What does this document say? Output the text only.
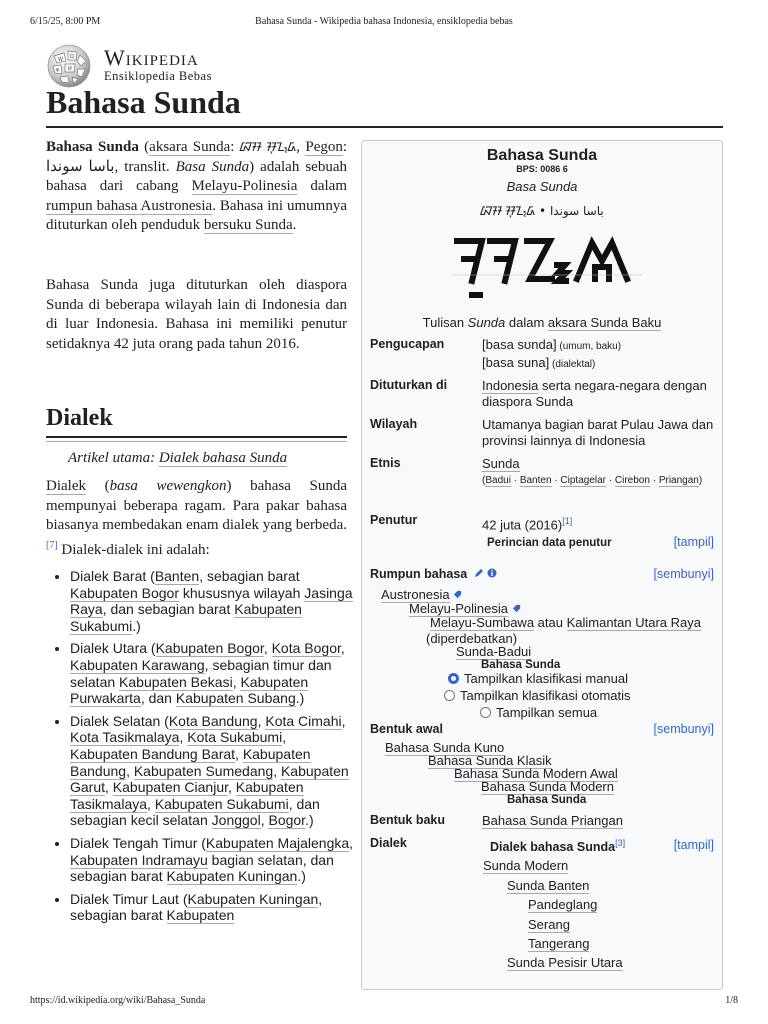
6/15/25, 8:00 PM	Bahasa Sunda - Wikipedia bahasa Indonesia, ensiklopedia bebas
W Ω
И
ψ Wikipedia
Ensiklopedia Bebas
Bahasa Sunda

Bahasa Sunda (aksara Sunda: ᮘᮞ ᮞᮥᮔ᮪ᮓ, Pegon: باسا سوندا, translit. Basa Sunda) adalah sebuah bahasa dari cabang Melayu-Polinesia dalam rumpun bahasa Austronesia. Bahasa ini umumnya dituturkan oleh penduduk bersuku Sunda.

Bahasa Sunda juga dituturkan oleh diaspora Sunda di beberapa wilayah lain di Indonesia dan di luar Indonesia. Bahasa ini memiliki penutur setidaknya 42 juta orang pada tahun 2016.

Dialek
Artikel utama: Dialek bahasa Sunda

Dialek (basa wewengkon) bahasa Sunda mempunyai beberapa ragam. Para pakar bahasa biasanya membedakan enam dialek yang berbeda.[7] Dialek-dialek ini adalah:

• Dialek Barat (Banten, sebagian barat Kabupaten Bogor khususnya wilayah Jasinga Raya, dan sebagian barat Kabupaten Sukabumi.)
• Dialek Utara (Kabupaten Bogor, Kota Bogor, Kabupaten Karawang, sebagian timur dan selatan Kabupaten Bekasi, Kabupaten Purwakarta, dan Kabupaten Subang.)
• Dialek Selatan (Kota Bandung, Kota Cimahi, Kota Tasikmalaya, Kota Sukabumi, Kabupaten Bandung Barat, Kabupaten Bandung, Kabupaten Sumedang, Kabupaten Garut, Kabupaten Cianjur, Kabupaten Tasikmalaya, Kabupaten Sukabumi, dan sebagian kecil selatan Jonggol, Bogor.)
• Dialek Tengah Timur (Kabupaten Majalengka, Kabupaten Indramayu bagian selatan, dan sebagian barat Kabupaten Kuningan.)
• Dialek Timur Laut (Kabupaten Kuningan, sebagian barat Kabupaten
Bahasa Sunda
BPS: 0086 6
Basa Sunda
ᮘᮞ ᮞᮥᮔ᮪ᮓ • باسا سوندا
Tulisan Sunda dalam aksara Sunda Baku
Pengucapan	[basa sʊnda] (umum, baku)
[basa suna] (dialektal)
Dituturkan di	Indonesia serta negara-negara dengan diaspora Sunda
Wilayah	Utamanya bagian barat Pulau Jawa dan provinsi lainnya di Indonesia
Etnis	Sunda
(Badui · Banten · Ciptagelar · Cirebon · Priangan)
Penutur	42 juta (2016)[1]
Perincian data penutur	[tampil]
Rumpun bahasa	[sembunyi]
Austronesia
Melayu-Polinesia
Melayu-Sumbawa atau Kalimantan Utara Raya
(diperdebatkan)
Sunda-Badui
Bahasa Sunda
Tampilkan klasifikasi manual
Tampilkan klasifikasi otomatis
Tampilkan semua
Bentuk awal	[sembunyi]
Bahasa Sunda Kuno
Bahasa Sunda Klasik
Bahasa Sunda Modern Awal
Bahasa Sunda Modern
Bahasa Sunda
Bentuk baku	Bahasa Sunda Priangan
Dialek	Dialek bahasa Sunda[3]	[tampil]
Sunda Modern
Sunda Banten
Pandeglang
Serang
Tangerang
Sunda Pesisir Utara
https://id.wikipedia.org/wiki/Bahasa_Sunda	1/8
